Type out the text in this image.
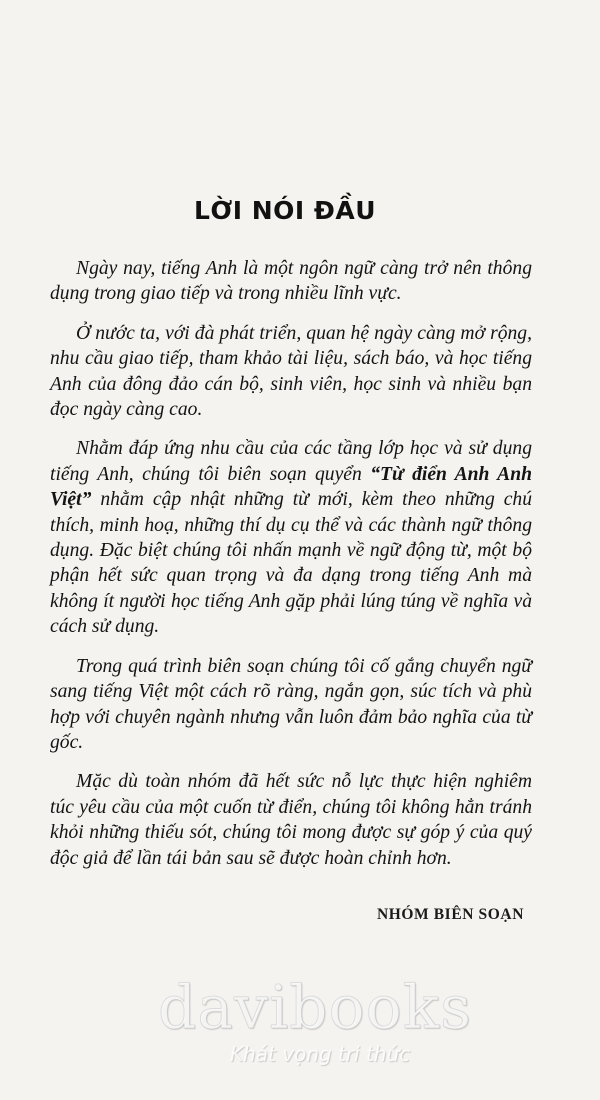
LỜI NÓI ĐẦU

Ngày nay, tiếng Anh là một ngôn ngữ càng trở nên thông dụng trong giao tiếp và trong nhiều lĩnh vực.

Ở nước ta, với đà phát triển, quan hệ ngày càng mở rộng, nhu cầu giao tiếp, tham khảo tài liệu, sách báo, và học tiếng Anh của đông đảo cán bộ, sinh viên, học sinh và nhiều bạn đọc ngày càng cao.

Nhằm đáp ứng nhu cầu của các tầng lớp học và sử dụng tiếng Anh, chúng tôi biên soạn quyển “Từ điển Anh Anh Việt” nhằm cập nhật những từ mới, kèm theo những chú thích, minh hoạ, những thí dụ cụ thể và các thành ngữ thông dụng. Đặc biệt chúng tôi nhấn mạnh về ngữ động từ, một bộ phận hết sức quan trọng và đa dạng trong tiếng Anh mà không ít người học tiếng Anh gặp phải lúng túng về nghĩa và cách sử dụng.

Trong quá trình biên soạn chúng tôi cố gắng chuyển ngữ sang tiếng Việt một cách rõ ràng, ngắn gọn, súc tích và phù hợp với chuyên ngành nhưng vẫn luôn đảm bảo nghĩa của từ gốc.

Mặc dù toàn nhóm đã hết sức nỗ lực thực hiện nghiêm túc yêu cầu của một cuốn từ điển, chúng tôi không hẳn tránh khỏi những thiếu sót, chúng tôi mong được sự góp ý của quý độc giả để lần tái bản sau sẽ được hoàn chỉnh hơn.

NHÓM BIÊN SOẠN
davibooks
Khát vọng tri thức
